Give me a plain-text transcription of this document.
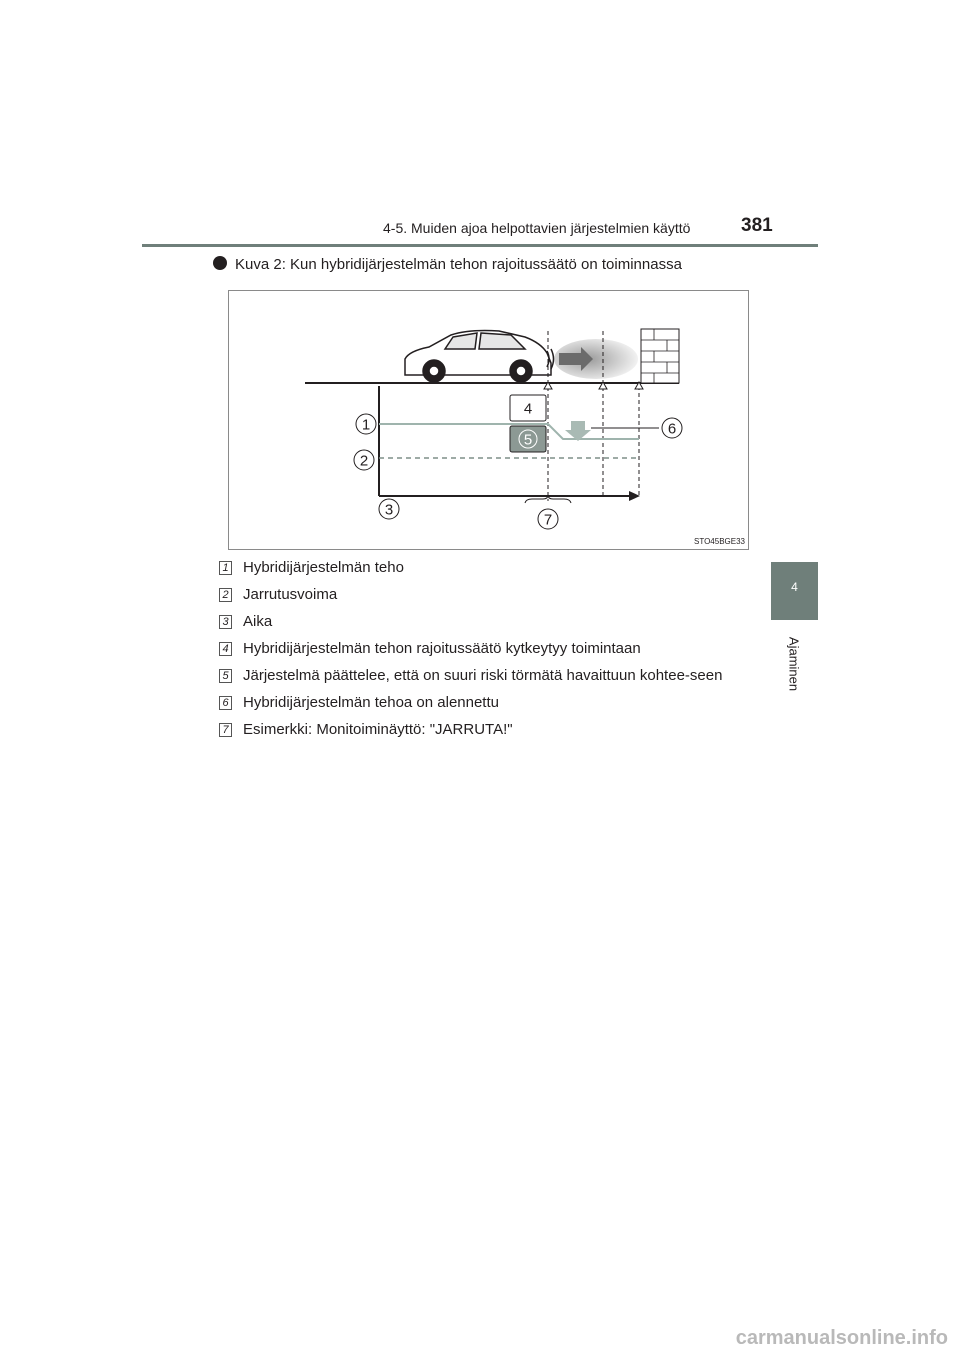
4-5. Muiden ajoa helpottavien järjestelmien käyttö	381
4
Ajaminen
Kuva 2: Kun hybridijärjestelmän tehon rajoitussäätö on toiminnassa
1
2
3
4
5
6
7
STO45BGE33
1 Hybridijärjestelmän teho
2 Jarrutusvoima
3 Aika
4 Hybridijärjestelmän tehon rajoitussäätö kytkeytyy toimintaan
5 Järjestelmä päättelee, että on suuri riski törmätä havaittuun kohtee-seen
6 Hybridijärjestelmän tehoa on alennettu
7 Esimerkki: Monitoiminäyttö: "JARRUTA!"
carmanualsonline.info
